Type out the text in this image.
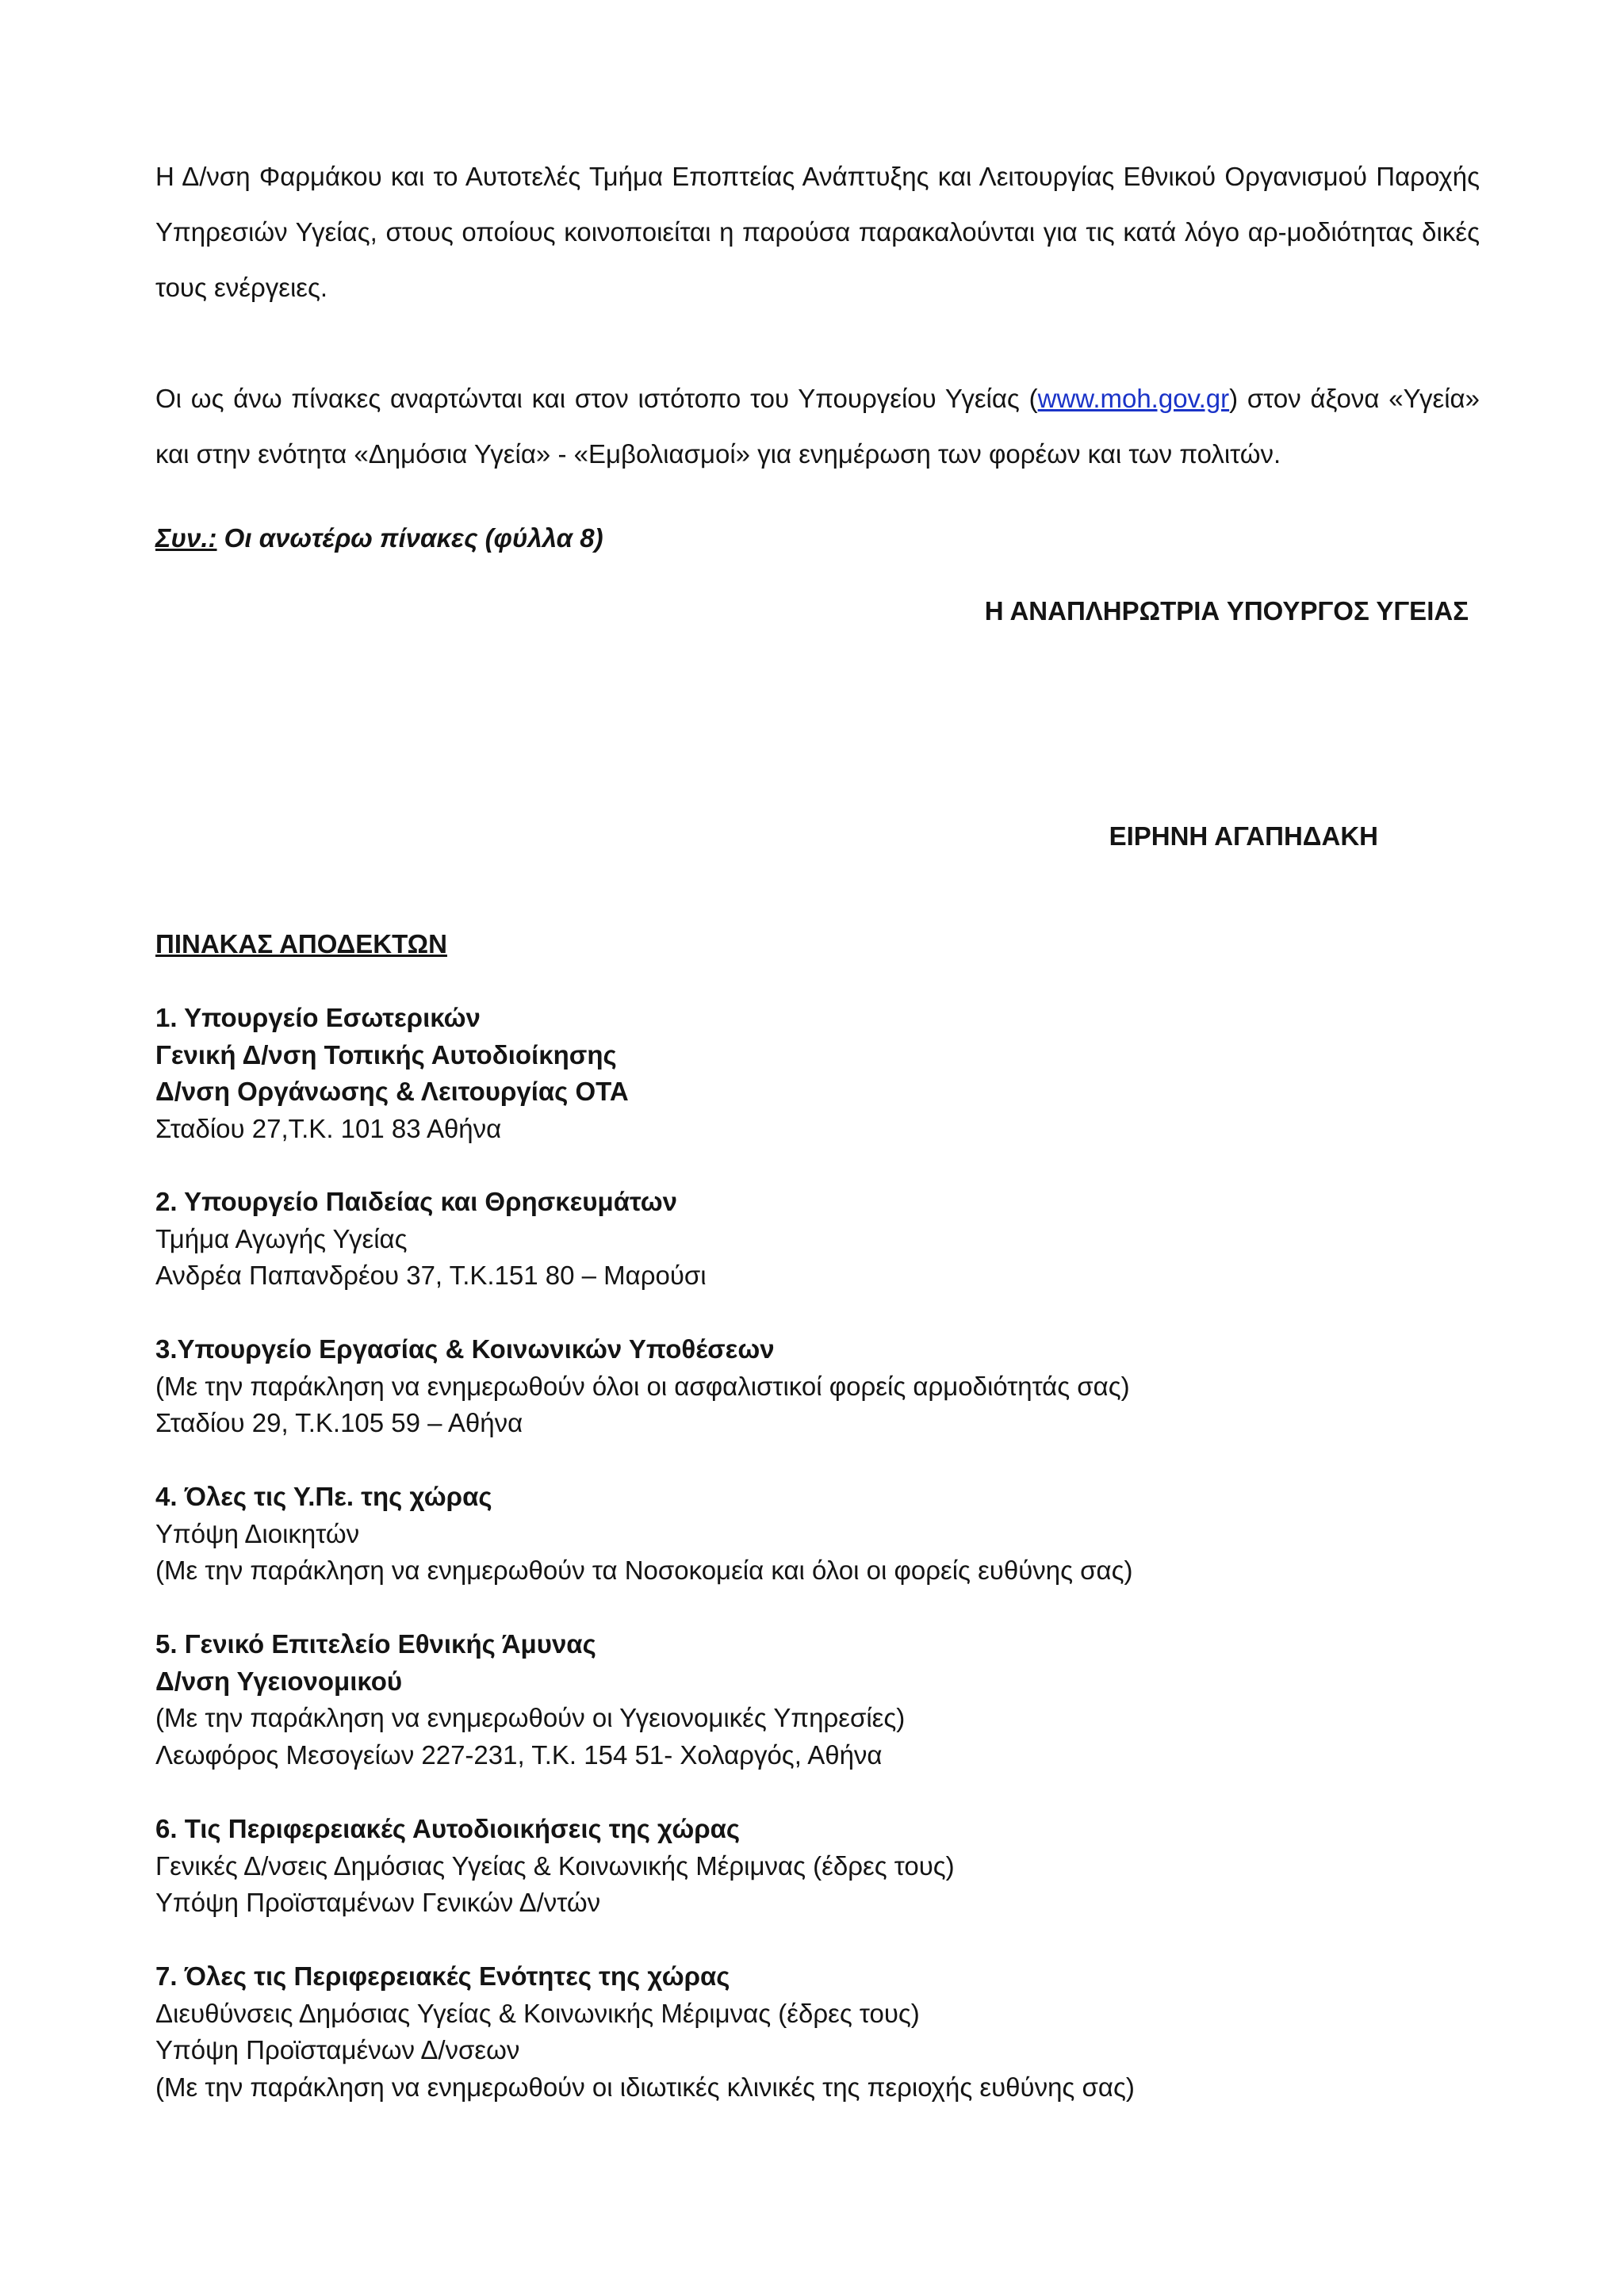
Η Δ/νση Φαρμάκου και το Αυτοτελές Τμήμα Εποπτείας Ανάπτυξης και Λειτουργίας Εθνικού Οργανισμού Παροχής Υπηρεσιών Υγείας, στους οποίους κοινοποιείται η παρούσα παρακαλούνται για τις κατά λόγο αρ-μοδιότητας δικές τους ενέργειες.

Οι ως άνω πίνακες αναρτώνται και στον ιστότοπο του Υπουργείου Υγείας (www.moh.gov.gr) στον άξονα «Υγεία» και στην ενότητα «Δημόσια Υγεία» - «Εμβολιασμοί» για ενημέρωση των φορέων και των πολιτών.

Συν.: Οι ανωτέρω πίνακες (φύλλα 8)
Η ΑΝΑΠΛΗΡΩΤΡΙΑ ΥΠΟΥΡΓΟΣ ΥΓΕΙΑΣ
ΕΙΡΗΝΗ ΑΓΑΠΗΔΑΚΗ
ΠΙΝΑΚΑΣ ΑΠΟΔΕΚΤΩΝ
1. Υπουργείο Εσωτερικών
Γενική Δ/νση Τοπικής Αυτοδιοίκησης
Δ/νση Οργάνωσης & Λειτουργίας ΟΤΑ
Σταδίου 27,Τ.Κ. 101 83 Αθήνα
2. Υπουργείο Παιδείας και Θρησκευμάτων
Τμήμα Αγωγής Υγείας
Ανδρέα Παπανδρέου 37, Τ.Κ.151 80 – Μαρούσι
3.Υπουργείο Εργασίας & Κοινωνικών Υποθέσεων
(Με την παράκληση να ενημερωθούν όλοι οι ασφαλιστικοί φορείς αρμοδιότητάς σας)
Σταδίου 29, Τ.Κ.105 59 – Αθήνα
4. Όλες τις Υ.Πε. της χώρας
Υπόψη Διοικητών
(Με την παράκληση να ενημερωθούν τα Νοσοκομεία και όλοι οι φορείς ευθύνης σας)
5. Γενικό Επιτελείο Εθνικής Άμυνας
Δ/νση Υγειονομικού
(Με την παράκληση να ενημερωθούν οι Υγειονομικές Υπηρεσίες)
Λεωφόρος Μεσογείων 227-231, Τ.Κ. 154 51- Χολαργός, Αθήνα
6. Τις Περιφερειακές Αυτοδιοικήσεις της χώρας
Γενικές Δ/νσεις Δημόσιας Υγείας & Κοινωνικής Μέριμνας (έδρες τους)
Υπόψη Προϊσταμένων Γενικών Δ/ντών
7. Όλες τις Περιφερειακές Ενότητες της χώρας
Διευθύνσεις Δημόσιας Υγείας & Κοινωνικής Μέριμνας (έδρες τους)
Υπόψη Προϊσταμένων Δ/νσεων
(Με την παράκληση να ενημερωθούν οι ιδιωτικές κλινικές της περιοχής ευθύνης σας)
